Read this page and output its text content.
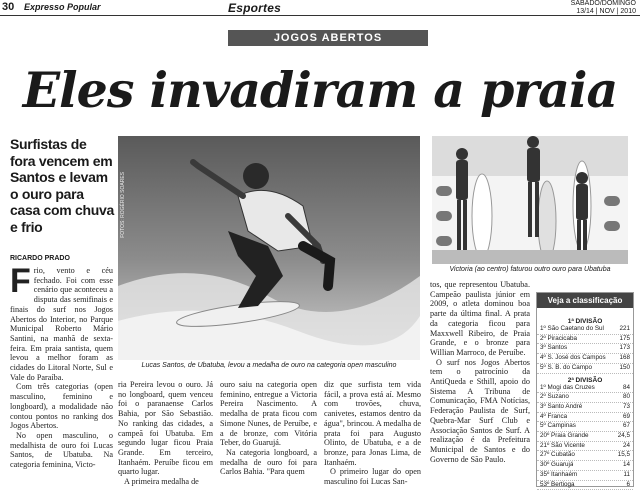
30 Expresso Popular	Esportes	SÁBADO/DOMINGO
13/14 | NOV | 2010
JOGOS ABERTOS
Eles invadiram a praia
Surfistas de fora vencem em Santos e levam o ouro para casa com chuva e frio
RICARDO PRADO
FOTOS: ROGÉRIO SOARES
Lucas Santos, de Ubatuba, levou a medalha de ouro na categoria open masculino
Victoria (ao centro) faturou outro ouro para Ubatuba

Frio, vento e céu fechado. Foi com esse cenário que aconteceu a disputa das semifinais e finais do surf nos Jogos Abertos do Interior, no Parque Municipal Roberto Mário Santini, na manhã de sexta-feira. Em praia santista, quem levou a melhor foram as cidades do Litoral Norte, Sul e Vale do Paraíba.

Com três categorias (open masculino, feminino e longboard), a modalidade não contou pontos no ranking dos Jogos Abertos.

No open masculino, o medalhista de ouro foi Lucas Santos, de Ubatuba. Na categoria feminina, Victo-

ria Pereira levou o ouro. Já no longboard, quem venceu foi o paranaense Carlos Bahia, por São Sebastião. No ranking das cidades, a campeã foi Ubatuba. Em segundo lugar ficou Praia Grande. Em terceiro, Itanhaém. Peruíbe ficou em quarto lugar.

A primeira medalha de

ouro saiu na categoria open feminino, entregue a Victoria Pereira Nascimento. A medalha de prata ficou com Simone Nunes, de Peruíbe, e a de bronze, com Vitória Teber, do Guarujá.

Na categoria longboard, a medalha de ouro foi para Carlos Bahia. "Para quem

diz que surfista tem vida fácil, a prova está aí. Mesmo com trovões, chuva, canivetes, estamos dentro da água", brincou. A medalha de prata foi para Augusto Olinto, de Ubatuba, e a de bronze, para Jonas Lima, de Itanhaém.

O primeiro lugar do open masculino foi Lucas San-

tos, que representou Ubatuba. Campeão paulista júnior em 2009, o atleta dominou boa parte da última final. A prata da categoria ficou para Maxxwell Ribeiro, de Praia Grande, e o bronze para Willian Marroco, de Peruíbe.

O surf nos Jogos Abertos tem o patrocínio da AntiQueda e Sthill, apoio do Sistema A Tribuna de Comunicação, FMA Notícias, Federação Paulista de Surf, Quebra-Mar Surf Club e Associação Santos de Surf. A realização é da Prefeitura Municipal de Santos e do Governo de São Paulo.

Veja a classificação
1ª DIVISÃO
1º São Caetano do Sul 221
2º Piracicaba	175
3º Santos	173
4º S. José dos Campos 168
5º S. B. do Campo	150
2ª DIVISÃO
1º Mogi das Cruzes	84
2º Suzano	80
3º Santo André	73
4º Franca	69
5º Campinas	67
20º Praia Grande	24,5
21º São Vicente	24
27º Cubatão	15,5
30º Guarujá	14
35º Itanhaém	11
53º Bertioga	6
